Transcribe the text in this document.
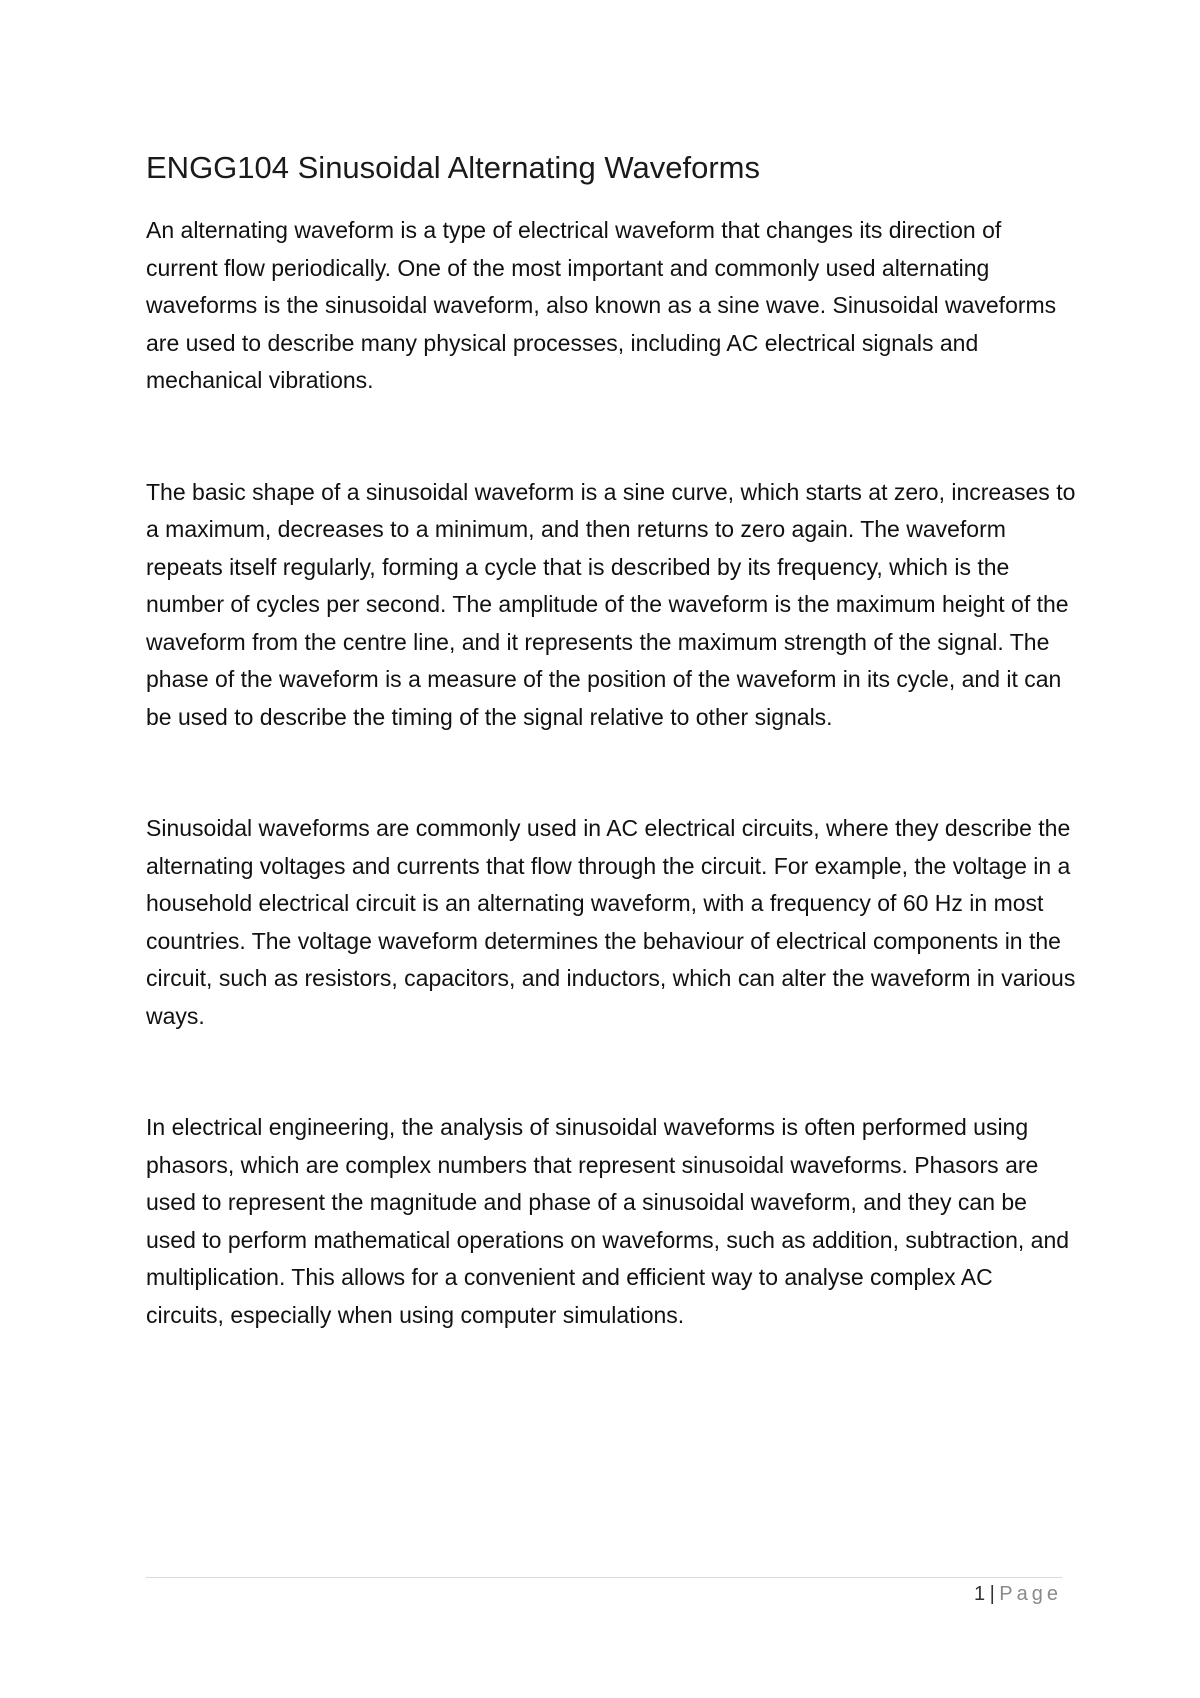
ENGG104 Sinusoidal Alternating Waveforms

An alternating waveform is a type of electrical waveform that changes its direction of current flow periodically. One of the most important and commonly used alternating waveforms is the sinusoidal waveform, also known as a sine wave. Sinusoidal waveforms are used to describe many physical processes, including AC electrical signals and mechanical vibrations.

The basic shape of a sinusoidal waveform is a sine curve, which starts at zero, increases to a maximum, decreases to a minimum, and then returns to zero again. The waveform repeats itself regularly, forming a cycle that is described by its frequency, which is the number of cycles per second. The amplitude of the waveform is the maximum height of the waveform from the centre line, and it represents the maximum strength of the signal. The phase of the waveform is a measure of the position of the waveform in its cycle, and it can be used to describe the timing of the signal relative to other signals.

Sinusoidal waveforms are commonly used in AC electrical circuits, where they describe the alternating voltages and currents that flow through the circuit. For example, the voltage in a household electrical circuit is an alternating waveform, with a frequency of 60 Hz in most countries. The voltage waveform determines the behaviour of electrical components in the circuit, such as resistors, capacitors, and inductors, which can alter the waveform in various ways.

In electrical engineering, the analysis of sinusoidal waveforms is often performed using phasors, which are complex numbers that represent sinusoidal waveforms. Phasors are used to represent the magnitude and phase of a sinusoidal waveform, and they can be used to perform mathematical operations on waveforms, such as addition, subtraction, and multiplication. This allows for a convenient and efficient way to analyse complex AC circuits, especially when using computer simulations.

1 | Page
